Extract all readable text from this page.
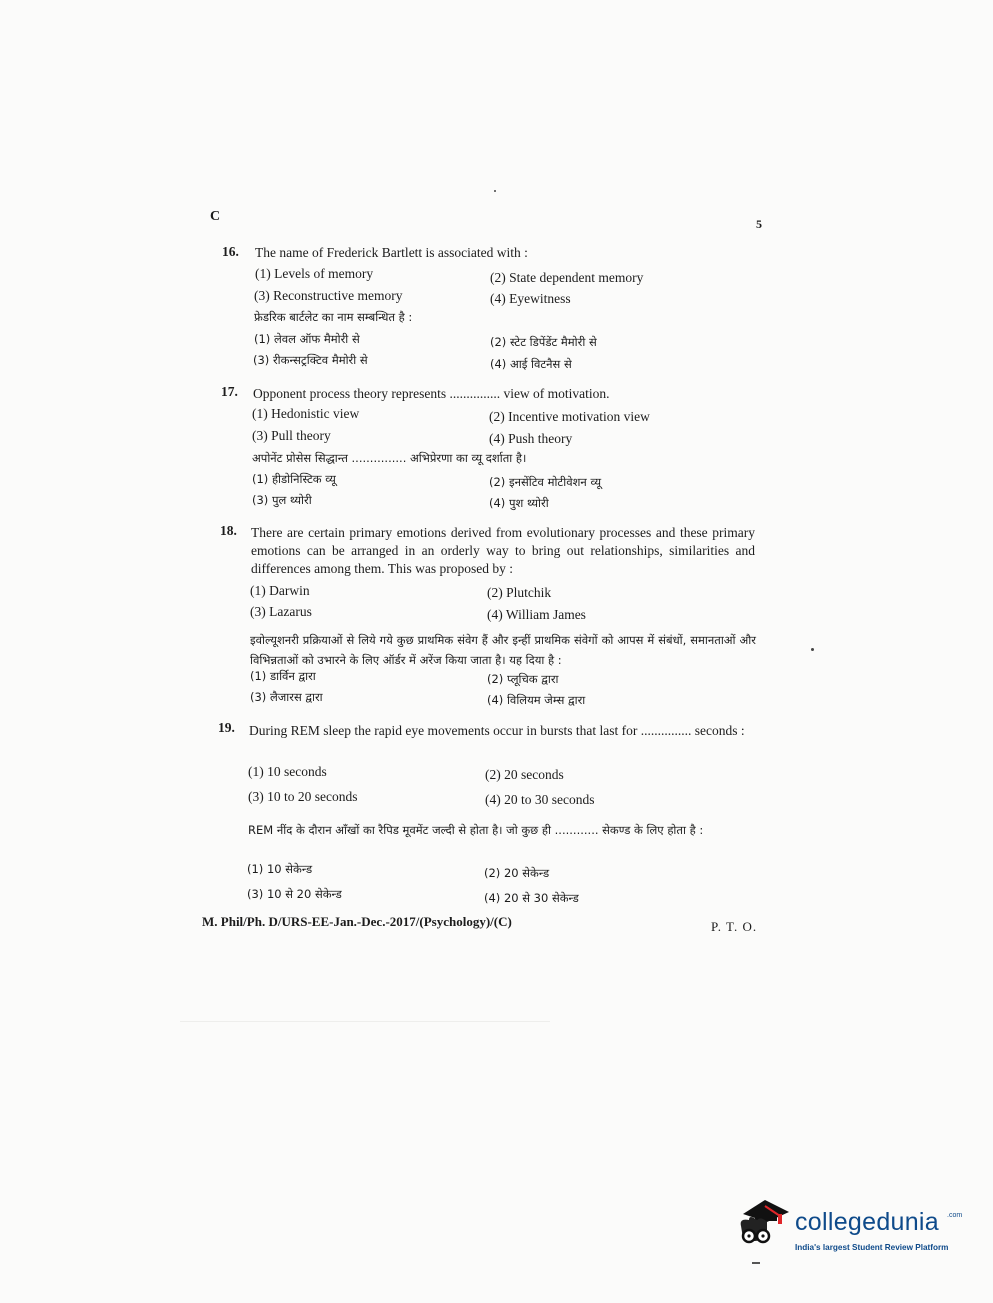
C	5
16. The name of Frederick Bartlett is associated with :
(1) Levels of memory	(2) State dependent memory
(3) Reconstructive memory	(4) Eyewitness
फ्रेडरिक बार्टलेट का नाम सम्बन्धित है :
(1) लेवल ऑफ मैमोरी से	(2) स्टेट डिपेंडेंट मैमोरी से
(3) रीकन्सट्रक्टिव मैमोरी से	(4) आई विटनैस से
17. Opponent process theory represents ............... view of motivation.
(1) Hedonistic view	(2) Incentive motivation view
(3) Pull theory	(4) Push theory
अपोनेंट प्रोसेस सिद्धान्त ............... अभिप्रेरणा का व्यू दर्शाता है।
(1) हीडोनिस्टिक व्यू	(2) इनसेंटिव मोटीवेशन व्यू
(3) पुल थ्योरी	(4) पुश थ्योरी
18. There are certain primary emotions derived from evolutionary processes and these primary emotions can be arranged in an orderly way to bring out relationships, similarities and differences among them. This was proposed by :
(1) Darwin	(2) Plutchik
(3) Lazarus	(4) William James
इवोल्यूशनरी प्रक्रियाओं से लिये गये कुछ प्राथमिक संवेग हैं और इन्हीं प्राथमिक संवेगों को आपस में संबंधों, समानताओं और विभिन्नताओं को उभारने के लिए ऑर्डर में अरेंज किया जाता है। यह दिया है :
(1) डार्विन द्वारा	(2) प्लूचिक द्वारा
(3) लैजारस द्वारा	(4) विलियम जेम्स द्वारा
19. During REM sleep the rapid eye movements occur in bursts that last for ............... seconds :
(1) 10 seconds	(2) 20 seconds
(3) 10 to 20 seconds	(4) 20 to 30 seconds
REM नींद के दौरान आँखों का रैपिड मूवमेंट जल्दी से होता है। जो कुछ ही ............ सेकण्ड के लिए होता है :
(1) 10 सेकेन्ड	(2) 20 सेकेन्ड
(3) 10 से 20 सेकेन्ड	(4) 20 से 30 सेकेन्ड
M. Phil/Ph. D/URS-EE-Jan.-Dec.-2017/(Psychology)/(C)	P. T. O.
collegedunia .com
India's largest Student Review Platform
